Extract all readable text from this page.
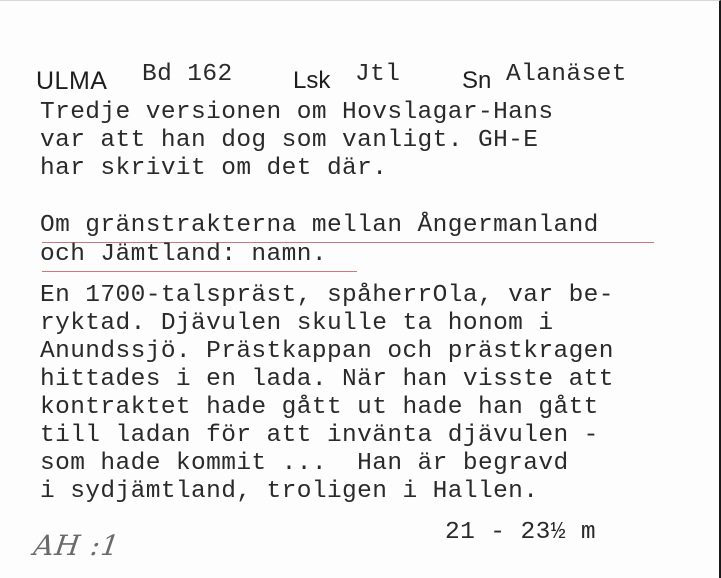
ULMA Bd 162	Lsk Jtl	Sn Alanäset
Tredje versionen om Hovslagar-Hans
var att han dog som vanligt. GH-E
har skrivit om det där.
Om gränstrakterna mellan Ångermanland
och Jämtland: namn.
En 1700-talspräst, spåherrOla, var be-
ryktad. Djävulen skulle ta honom i
Anundssjö. Prästkappan och prästkragen
hittades i en lada. När han visste att
kontraktet hade gått ut hade han gått
till ladan för att invänta djävulen -
som hade kommit ...  Han är begravd
i sydjämtland, troligen i Hallen.
21 - 23½ m
AH :1
